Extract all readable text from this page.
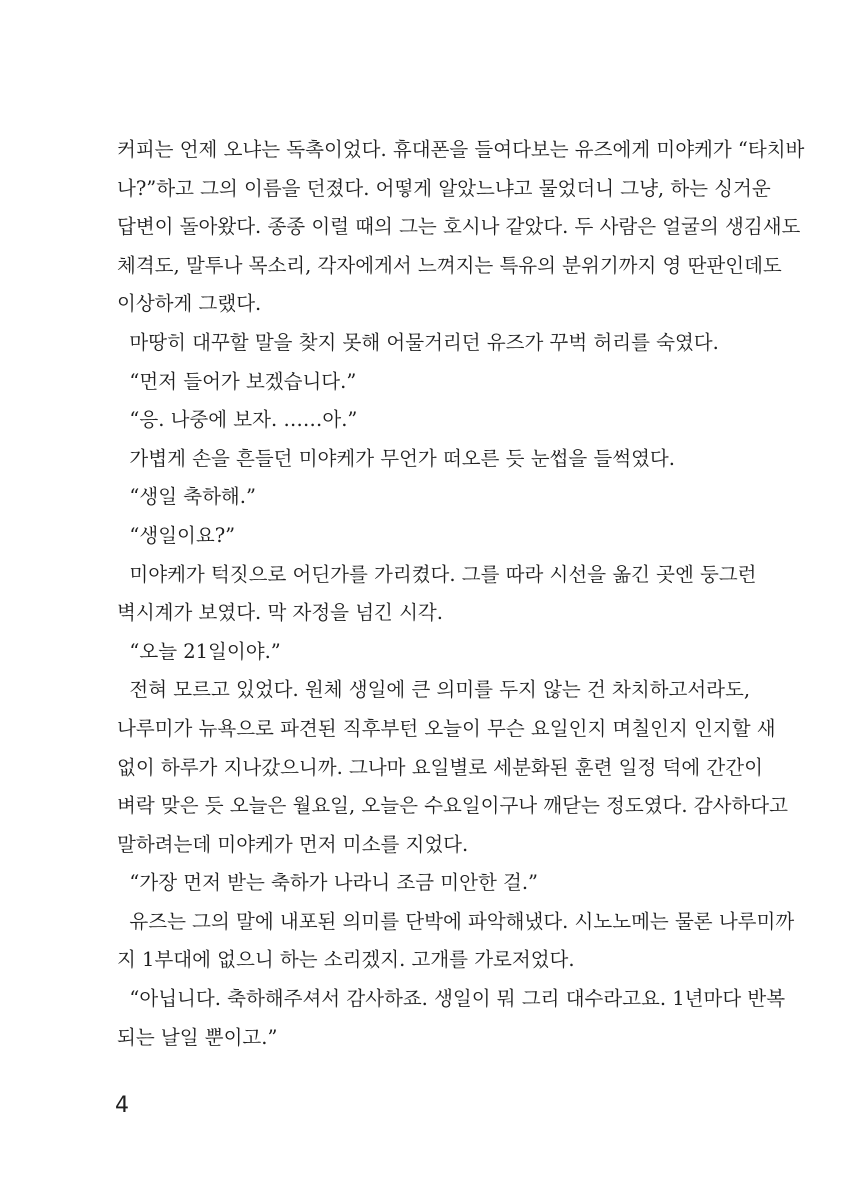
커피는 언제 오냐는 독촉이었다. 휴대폰을 들여다보는 유즈에게 미야케가 “타치바
나?”하고 그의 이름을 던졌다. 어떻게 알았느냐고 물었더니 그냥, 하는 싱거운
답변이 돌아왔다. 종종 이럴 때의 그는 호시나 같았다. 두 사람은 얼굴의 생김새도
체격도, 말투나 목소리, 각자에게서 느껴지는 특유의 분위기까지 영 딴판인데도
이상하게 그랬다.
마땅히 대꾸할 말을 찾지 못해 어물거리던 유즈가 꾸벅 허리를 숙였다.
“먼저 들어가 보겠습니다.”
“응. 나중에 보자. ……아.”
가볍게 손을 흔들던 미야케가 무언가 떠오른 듯 눈썹을 들썩였다.
“생일 축하해.”
“생일이요?”
미야케가 턱짓으로 어딘가를 가리켰다. 그를 따라 시선을 옮긴 곳엔 둥그런
벽시계가 보였다. 막 자정을 넘긴 시각.
“오늘 21일이야.”
전혀 모르고 있었다. 원체 생일에 큰 의미를 두지 않는 건 차치하고서라도,
나루미가 뉴욕으로 파견된 직후부턴 오늘이 무슨 요일인지 며칠인지 인지할 새
없이 하루가 지나갔으니까. 그나마 요일별로 세분화된 훈련 일정 덕에 간간이
벼락 맞은 듯 오늘은 월요일, 오늘은 수요일이구나 깨닫는 정도였다. 감사하다고
말하려는데 미야케가 먼저 미소를 지었다.
“가장 먼저 받는 축하가 나라니 조금 미안한 걸.”
유즈는 그의 말에 내포된 의미를 단박에 파악해냈다. 시노노메는 물론 나루미까
지 1부대에 없으니 하는 소리겠지. 고개를 가로저었다.
“아닙니다. 축하해주셔서 감사하죠. 생일이 뭐 그리 대수라고요. 1년마다 반복
되는 날일 뿐이고.”
4
